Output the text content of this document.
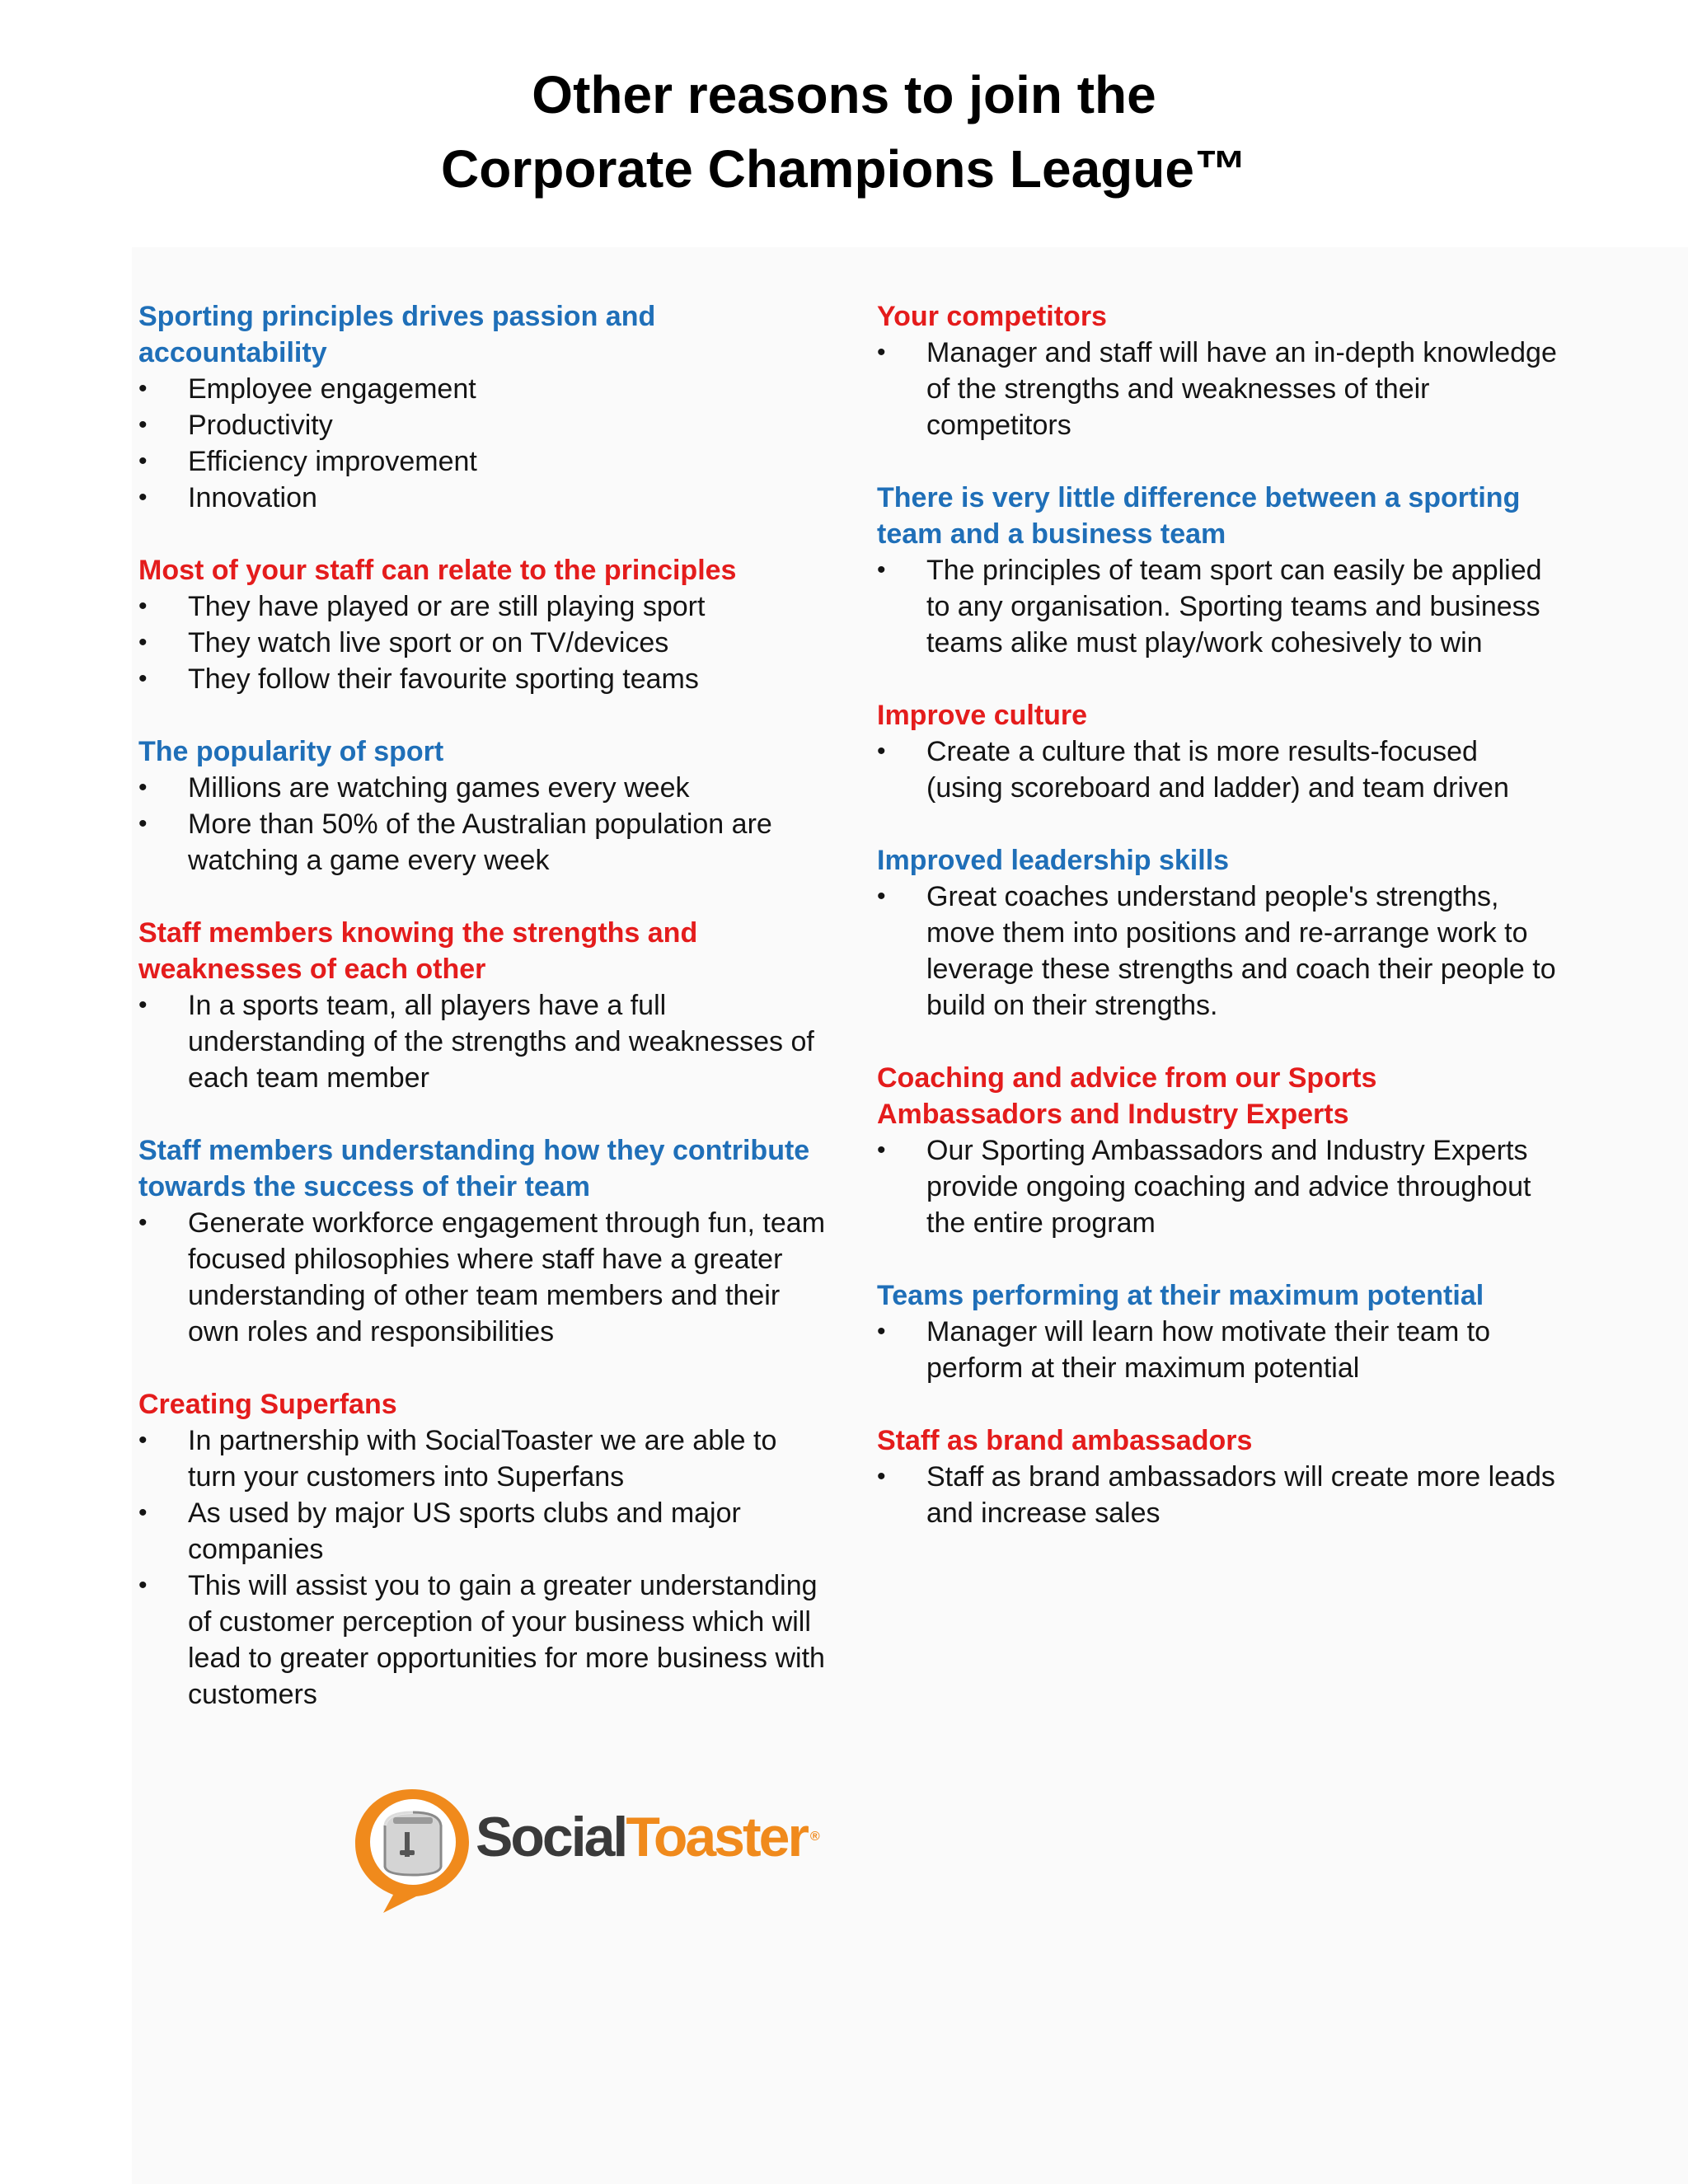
Other reasons to join the
Corporate Champions League™
Sporting principles drives passion and accountability
•	Employee engagement
•	Productivity
•	Efficiency improvement
•	Innovation
Most of your staff can relate to the principles
•	They have played or are still playing sport
•	They watch live sport or on TV/devices
•	They follow their favourite sporting teams
The popularity of sport
•	Millions are watching games every week
•	More than 50% of the Australian population are watching a game every week
Staff members knowing the strengths and weaknesses of each other
•	In a sports team, all players have a full understanding of the strengths and weaknesses of each team member
Staff members understanding how they contribute towards the success of their team
•	Generate workforce engagement through fun, team focused philosophies where staff have a greater understanding of other team members and their own roles and responsibilities
Creating Superfans
•	In partnership with SocialToaster we are able to turn your customers into Superfans
•	As used by major US sports clubs and major companies
•	This will assist you to gain a greater understanding of customer perception of your business which will lead to greater opportunities for more business with customers
Your competitors
•	Manager and staff will have an in-depth knowledge of the strengths and weaknesses of their competitors
There is very little difference between a sporting team and a business team
•	The principles of team sport can easily be applied to any organisation. Sporting teams and business teams alike must play/work cohesively to win
Improve culture
•	Create a culture that is more results-focused (using scoreboard and ladder) and team driven
Improved leadership skills
•	Great coaches understand people's strengths, move them into positions and re-arrange work to leverage these strengths and coach their people to build on their strengths.
Coaching and advice from our Sports Ambassadors and Industry Experts
•	Our Sporting Ambassadors and Industry Experts provide ongoing coaching and advice throughout the entire program
Teams performing at their maximum potential
•	Manager will learn how motivate their team to perform at their maximum potential
Staff as brand ambassadors
•	Staff as brand ambassadors will create more leads and increase sales
SocialToaster ®
